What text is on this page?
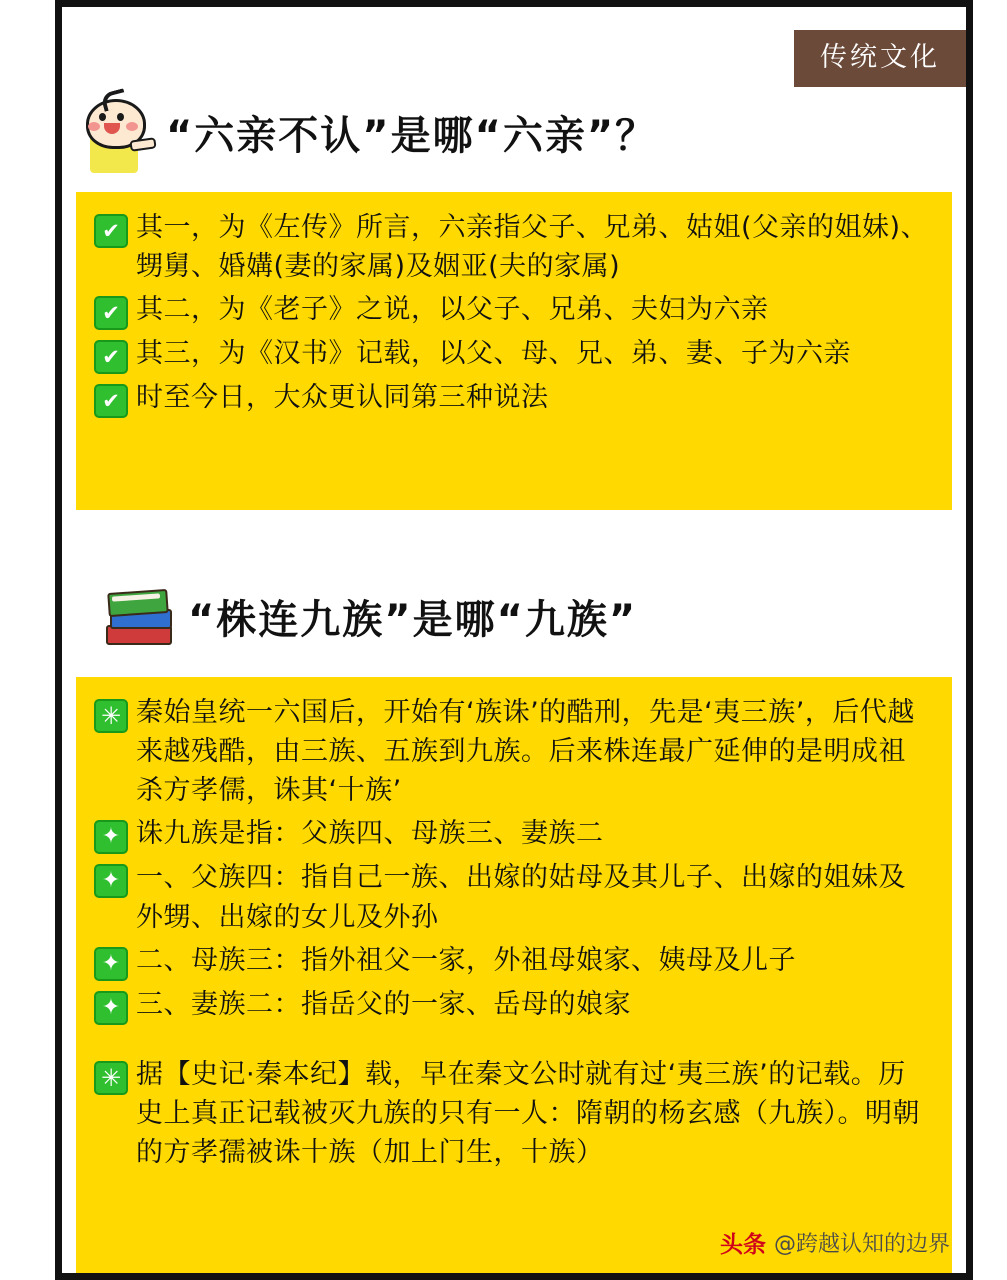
传统文化
“六亲不认”是哪“六亲”？
✔ 其一，为《左传》所言，六亲指父子、兄弟、姑姐(父亲的姐妹)、甥舅、婚媾(妻的家属)及姻亚(夫的家属)

✔ 其二，为《老子》之说，以父子、兄弟、夫妇为六亲

✔ 其三，为《汉书》记载，以父、母、兄、弟、妻、子为六亲

✔ 时至今日，大众更认同第三种说法

“株连九族”是哪“九族”
✳ 秦始皇统一六国后，开始有‘族诛’的酷刑，先是‘夷三族’，后代越来越残酷，由三族、五族到九族。后来株连最广延伸的是明成祖杀方孝儒，诛其‘十族’

✦ 诛九族是指：父族四、母族三、妻族二

✦ 一、父族四：指自己一族、出嫁的姑母及其儿子、出嫁的姐妹及外甥、出嫁的女儿及外孙

✦ 二、母族三：指外祖父一家，外祖母娘家、姨母及儿子

✦ 三、妻族二：指岳父的一家、岳母的娘家

✳ 据【史记·秦本纪】载，早在秦文公时就有过‘夷三族’的记载。历史上真正记载被灭九族的只有一人：隋朝的杨玄感（九族）。明朝的方孝孺被诛十族（加上门生，十族）

头条 @跨越认知的边界
